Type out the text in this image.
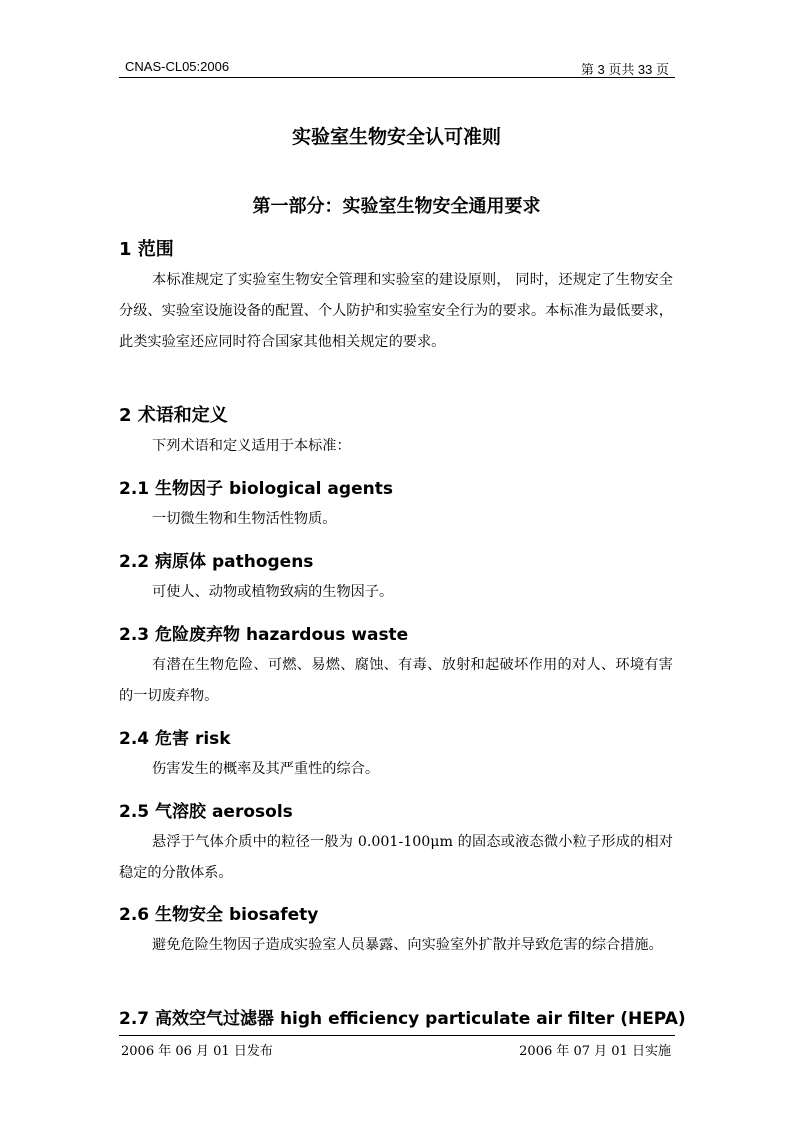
CNAS-CL05:2006	第 3 页共 33 页
实验室生物安全认可准则
第一部分：实验室生物安全通用要求
1 范围
本标准规定了实验室生物安全管理和实验室的建设原则， 同时，还规定了生物安全分级、实验室设施设备的配置、个人防护和实验室安全行为的要求。本标准为最低要求，此类实验室还应同时符合国家其他相关规定的要求。
2 术语和定义
下列术语和定义适用于本标准：
2.1 生物因子 biological agents
一切微生物和生物活性物质。
2.2 病原体 pathogens
可使人、动物或植物致病的生物因子。
2.3 危险废弃物 hazardous waste
有潜在生物危险、可燃、易燃、腐蚀、有毒、放射和起破坏作用的对人、环境有害的一切废弃物。
2.4 危害 risk
伤害发生的概率及其严重性的综合。
2.5 气溶胶 aerosols
悬浮于气体介质中的粒径一般为 0.001-100μm 的固态或液态微小粒子形成的相对稳定的分散体系。
2.6 生物安全 biosafety
避免危险生物因子造成实验室人员暴露、向实验室外扩散并导致危害的综合措施。
2.7 高效空气过滤器 high efficiency particulate air filter (HEPA)
2006 年 06 月 01 日发布	2006 年 07 月 01 日实施
